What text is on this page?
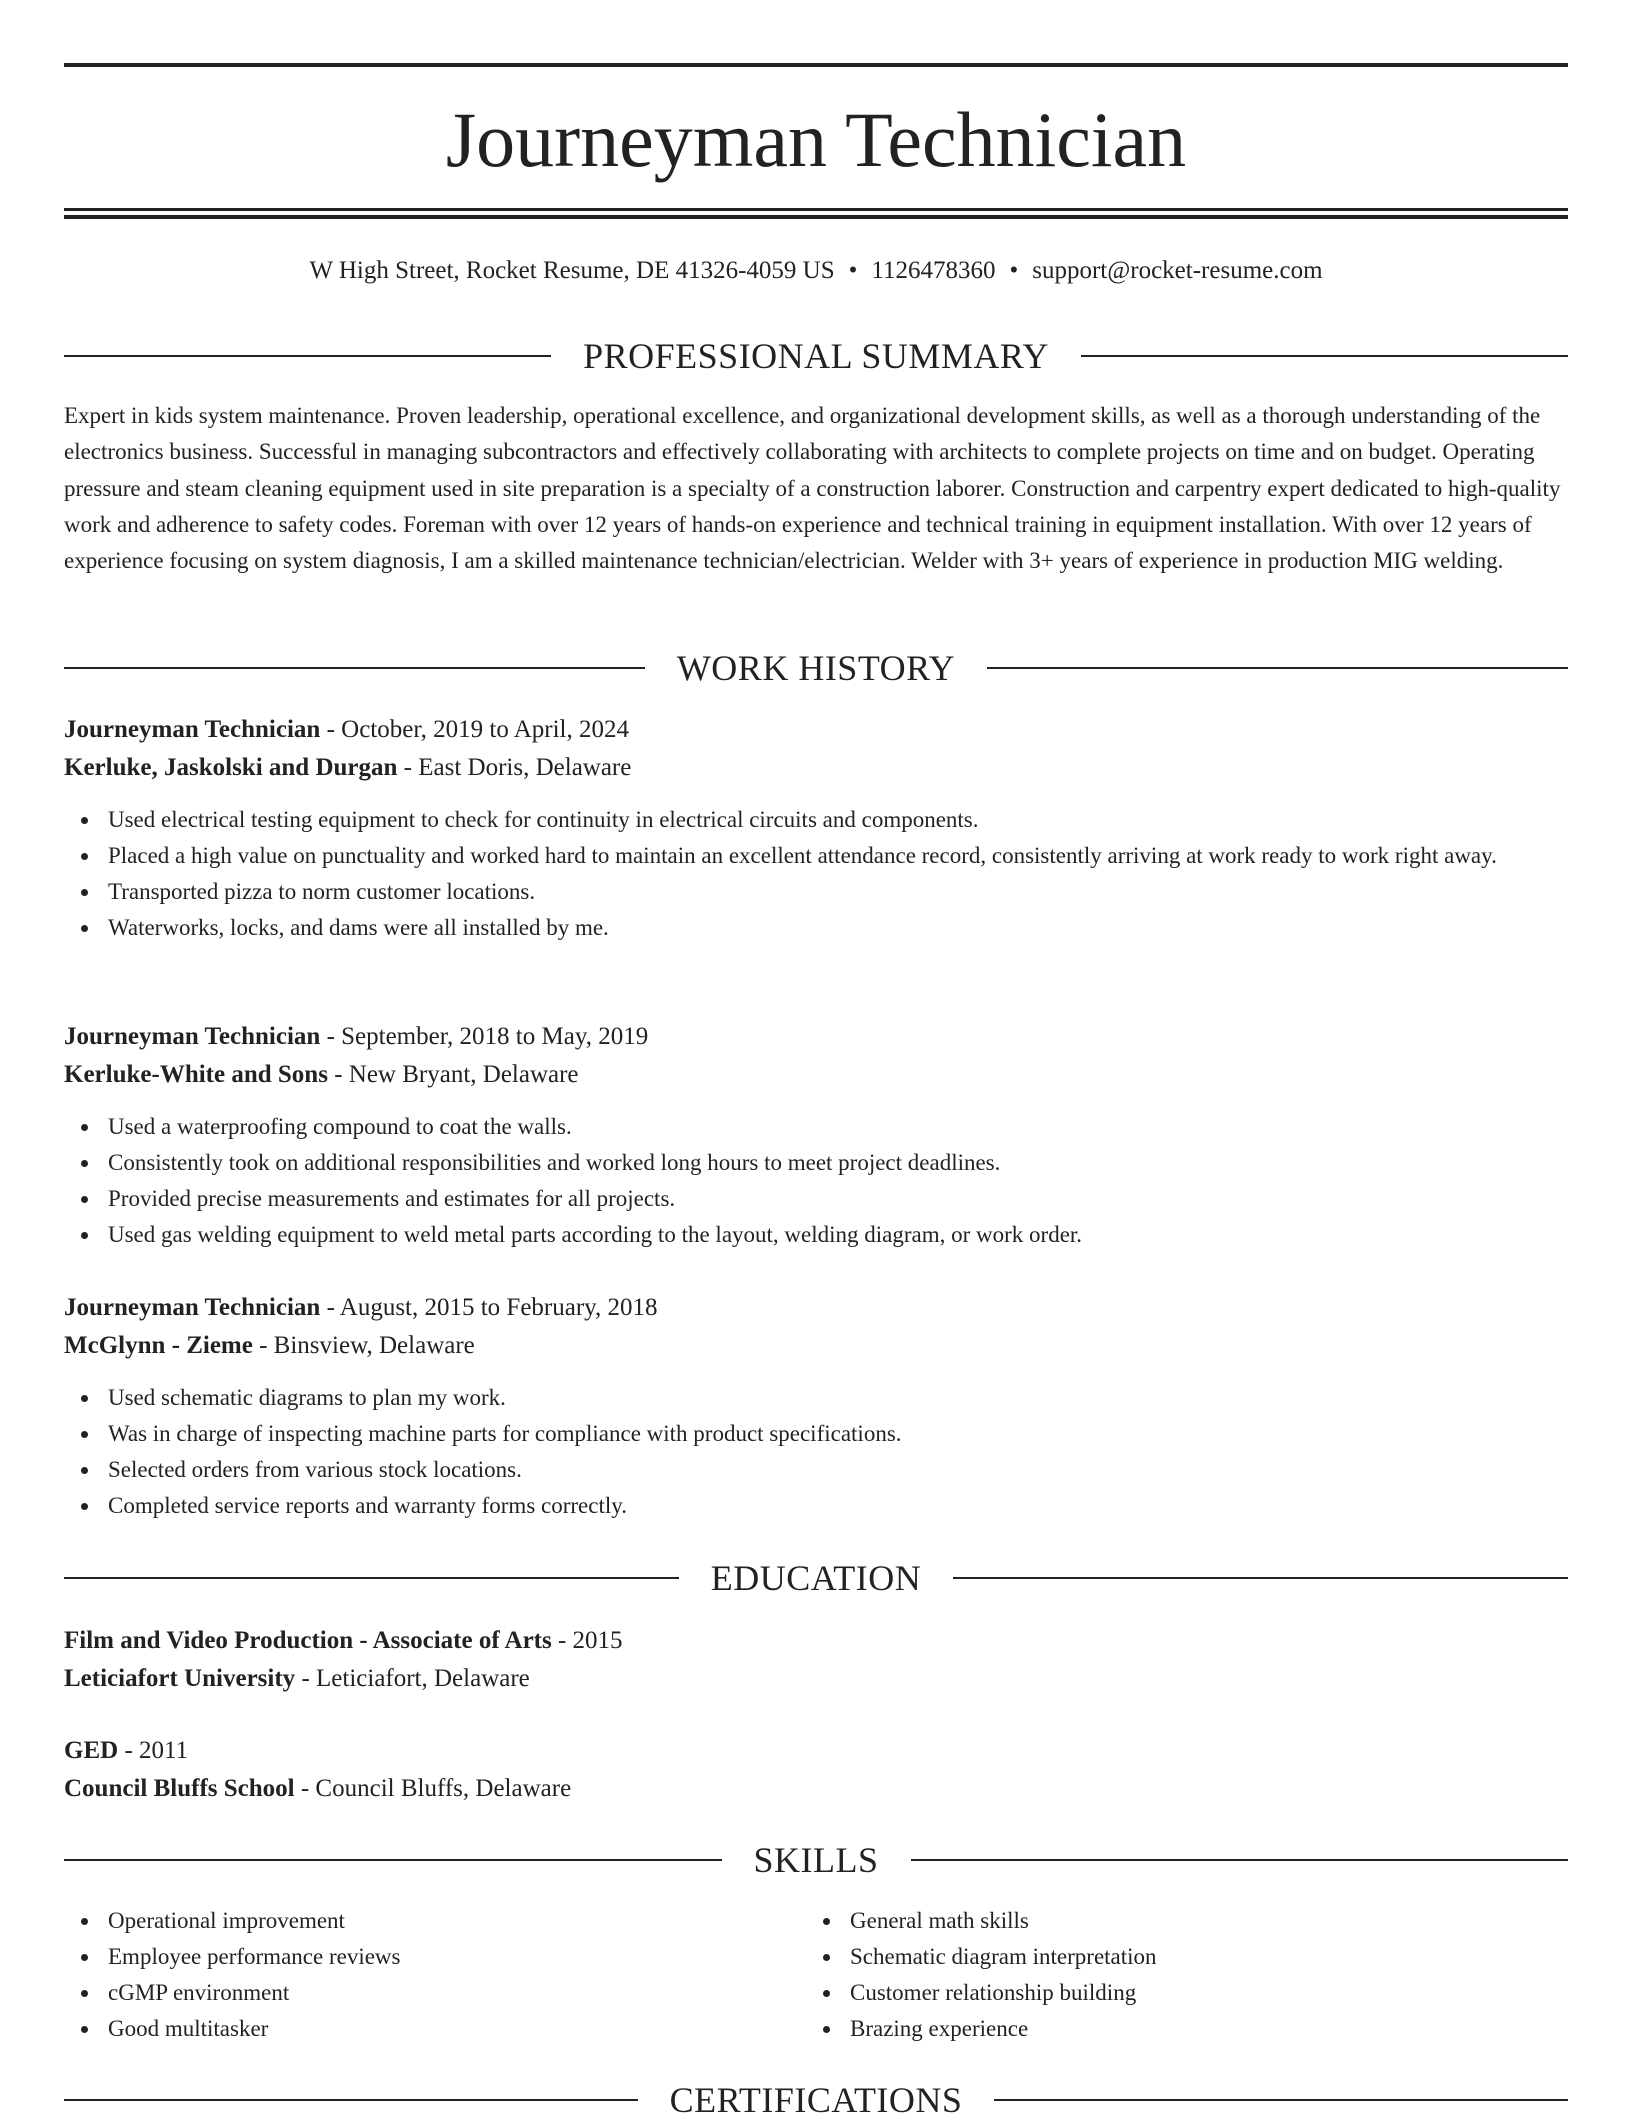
Journeyman Technician
W High Street, Rocket Resume, DE 41326-4059 US • 1126478360 • support@rocket-resume.com
PROFESSIONAL SUMMARY

Expert in kids system maintenance. Proven leadership, operational excellence, and organizational development skills, as well as a thorough understanding of the electronics business. Successful in managing subcontractors and effectively collaborating with architects to complete projects on time and on budget. Operating pressure and steam cleaning equipment used in site preparation is a specialty of a construction laborer. Construction and carpentry expert dedicated to high-quality work and adherence to safety codes. Foreman with over 12 years of hands-on experience and technical training in equipment installation. With over 12 years of experience focusing on system diagnosis, I am a skilled maintenance technician/electrician. Welder with 3+ years of experience in production MIG welding.

WORK HISTORY
Journeyman Technician - October, 2019 to April, 2024
Kerluke, Jaskolski and Durgan - East Doris, Delaware
Used electrical testing equipment to check for continuity in electrical circuits and components.
Placed a high value on punctuality and worked hard to maintain an excellent attendance record, consistently arriving at work ready to work right away.
Transported pizza to norm customer locations.
Waterworks, locks, and dams were all installed by me.
Journeyman Technician - September, 2018 to May, 2019
Kerluke-White and Sons - New Bryant, Delaware
Used a waterproofing compound to coat the walls.
Consistently took on additional responsibilities and worked long hours to meet project deadlines.
Provided precise measurements and estimates for all projects.
Used gas welding equipment to weld metal parts according to the layout, welding diagram, or work order.
Journeyman Technician - August, 2015 to February, 2018
McGlynn - Zieme - Binsview, Delaware
Used schematic diagrams to plan my work.
Was in charge of inspecting machine parts for compliance with product specifications.
Selected orders from various stock locations.
Completed service reports and warranty forms correctly.
EDUCATION
Film and Video Production - Associate of Arts - 2015
Leticiafort University - Leticiafort, Delaware
GED - 2011
Council Bluffs School - Council Bluffs, Delaware
SKILLS
Operational improvement
Employee performance reviews
cGMP environment
Good multitasker
General math skills
Schematic diagram interpretation
Customer relationship building
Brazing experience
CERTIFICATIONS
